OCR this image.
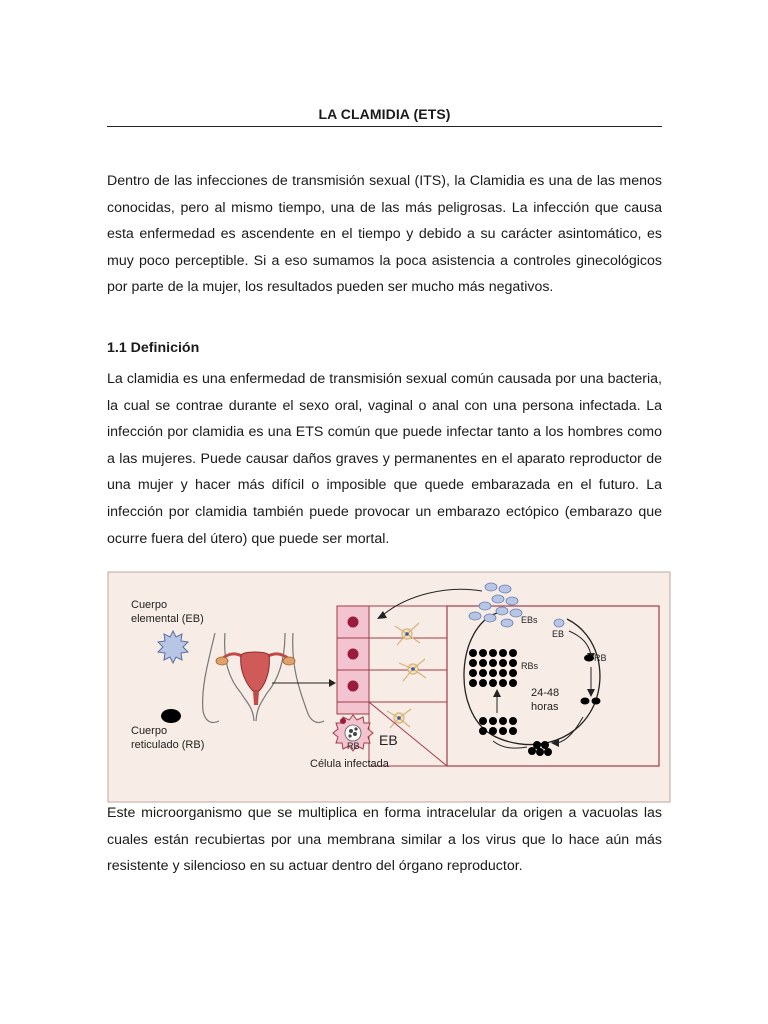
LA CLAMIDIA (ETS)

Dentro de las infecciones de transmisión sexual (ITS), la Clamidia es una de las menos conocidas, pero al mismo tiempo, una de las más peligrosas. La infección que causa esta enfermedad es ascendente en el tiempo y debido a su carácter asintomático, es muy poco perceptible. Si a eso sumamos la poca asistencia a controles ginecológicos por parte de la mujer, los resultados pueden ser mucho más negativos.

1.1 Definición

La clamidia es una enfermedad de transmisión sexual común causada por una bacteria, la cual se contrae durante el sexo oral, vaginal o anal con una persona infectada. La infección por clamidia es una ETS común que puede infectar tanto a los hombres como a las mujeres. Puede causar daños graves y permanentes en el aparato reproductor de una mujer y hacer más difícil o imposible que quede embarazada en el futuro. La infección por clamidia también puede provocar un embarazo ectópico (embarazo que ocurre fuera del útero) que puede ser mortal.

Este microorganismo que se multiplica en forma intracelular da origen a vacuolas las cuales están recubiertas por una membrana similar a los virus que lo hace aún más resistente y silencioso en su actuar dentro del órgano reproductor.

Cuerpo
elemental (EB)
Cuerpo
reticulado (RB)	RB EB
Célula infectada
EBs
EB
RB
RBs
24-48
horas
